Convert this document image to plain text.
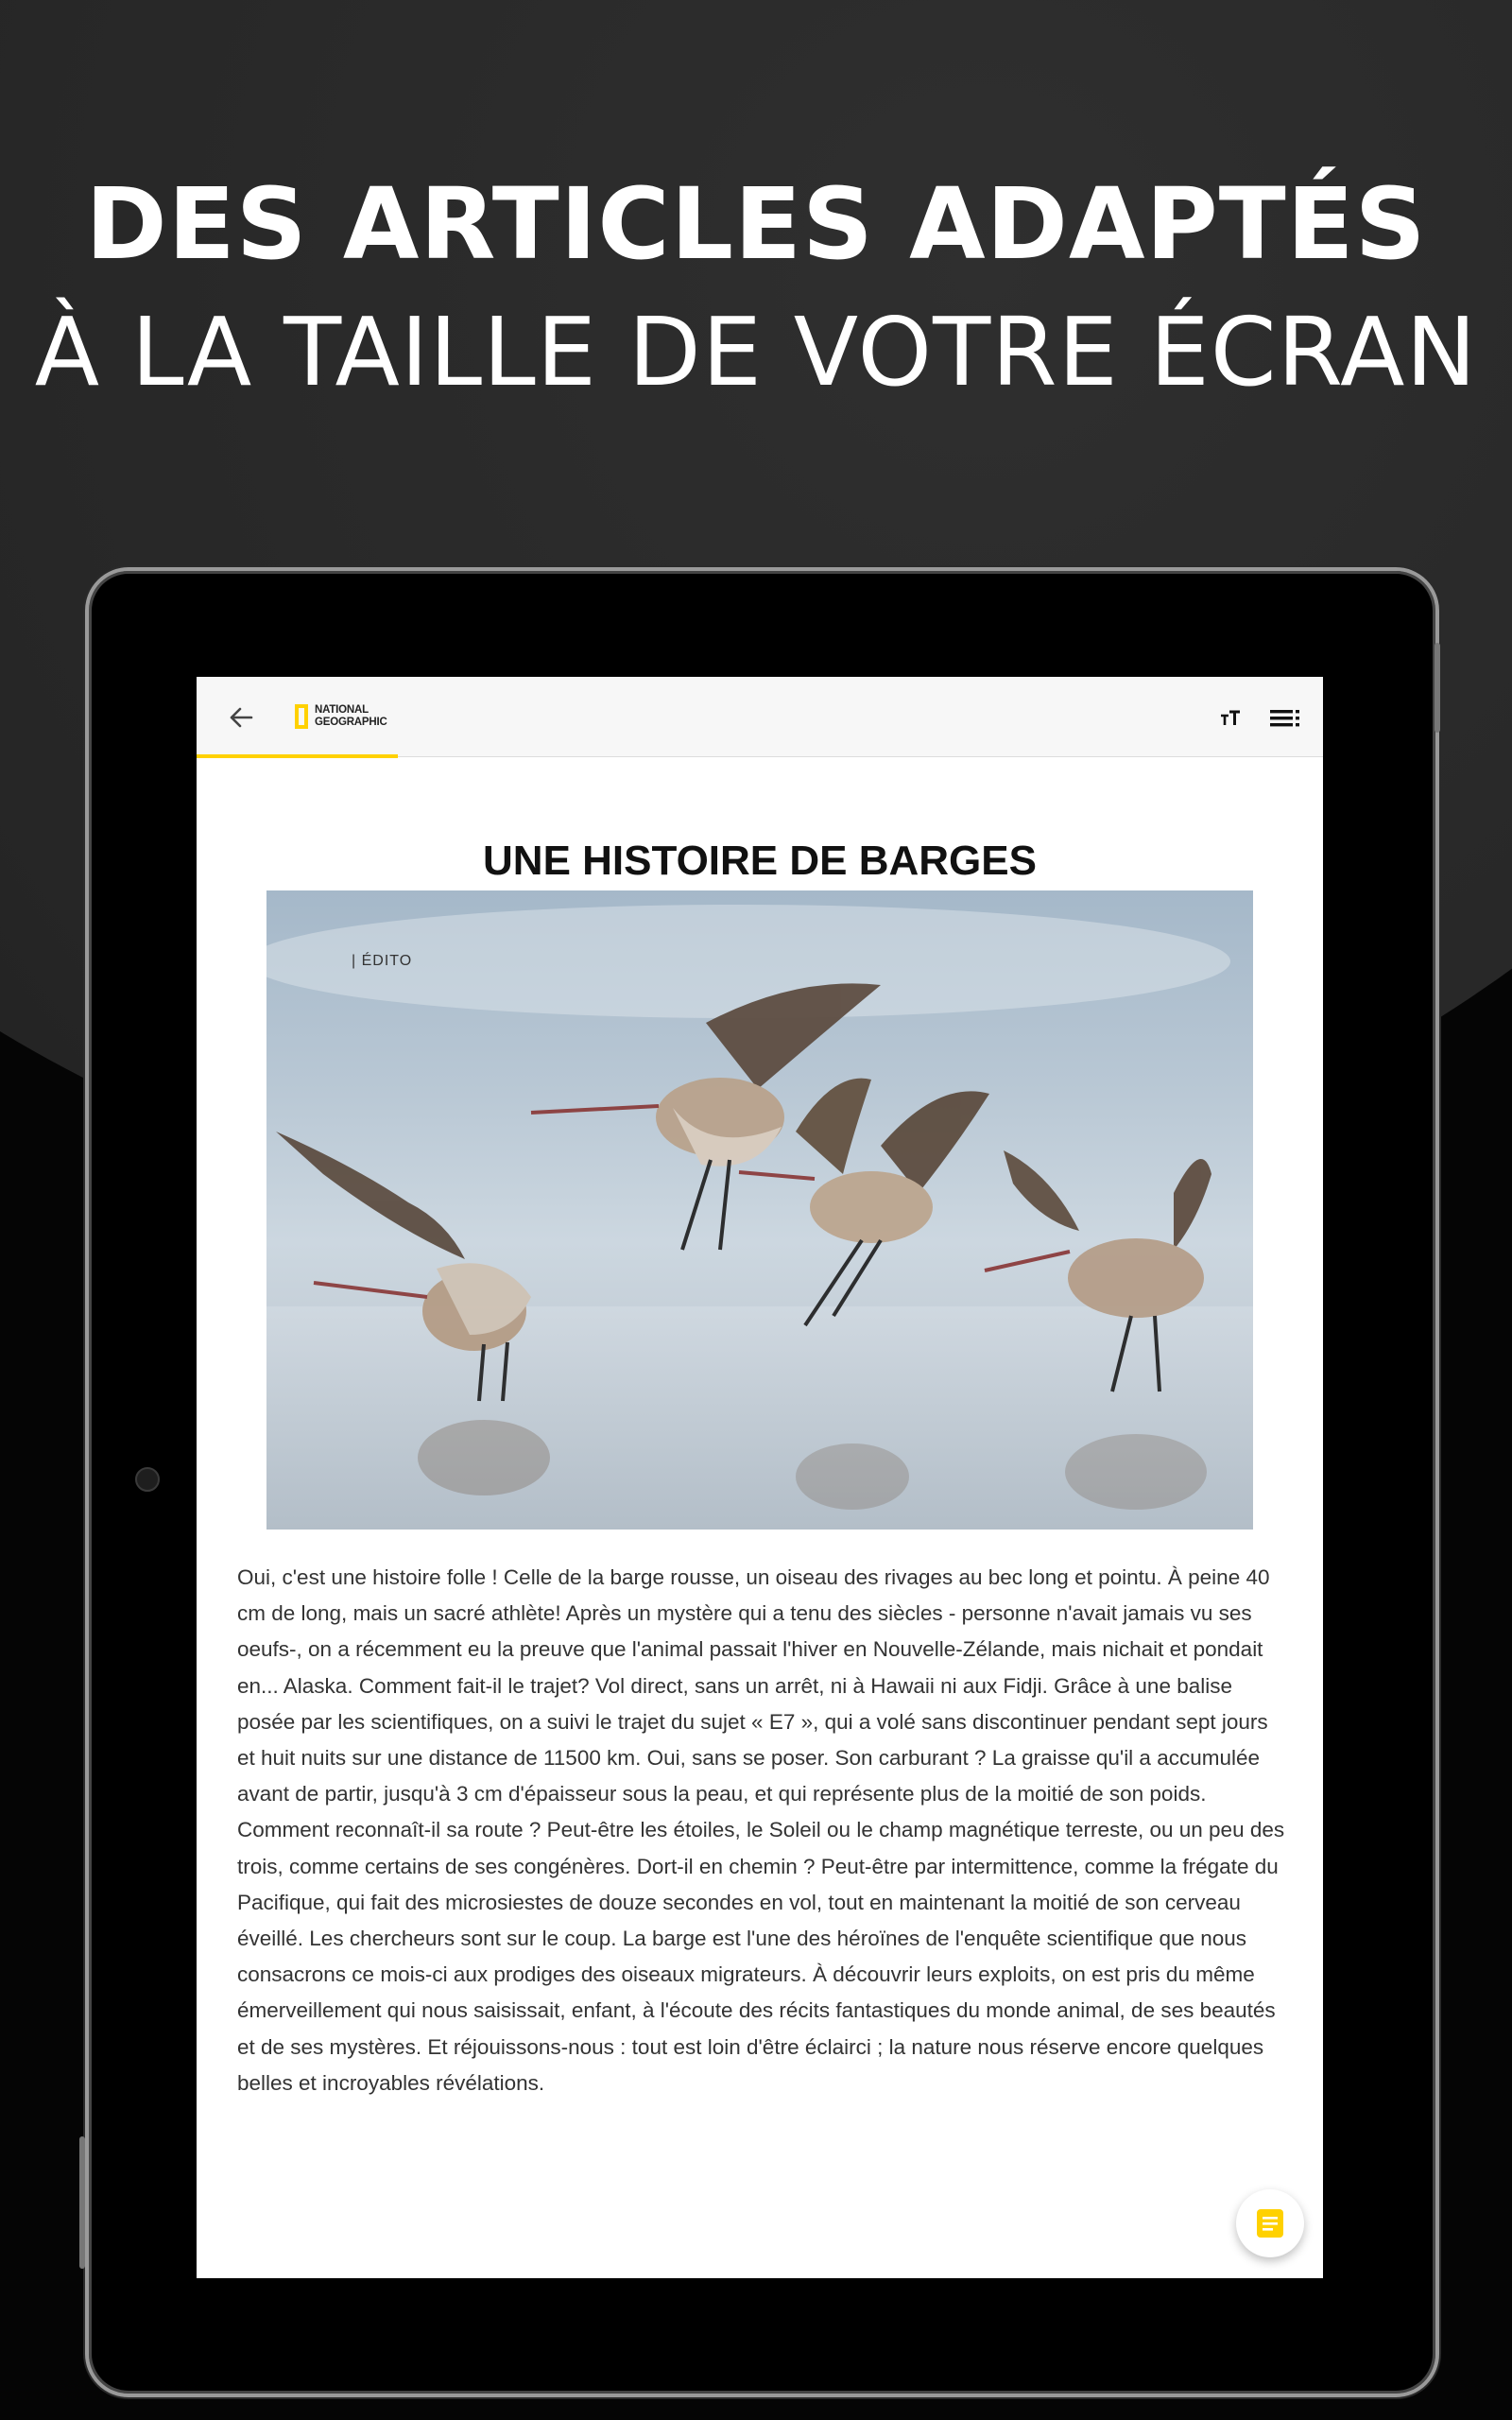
DES ARTICLES ADAPTÉS
À LA TAILLE DE VOTRE ÉCRAN
NATIONAL
GEOGRAPHIC
UNE HISTOIRE DE BARGES
| ÉDITO
Oui, c'est une histoire folle ! Celle de la barge rousse, un oiseau des rivages au bec long et pointu. À peine 40 cm de long, mais un sacré athlète! Après un mystère qui a tenu des siècles - personne n'avait jamais vu ses oeufs-, on a récemment eu la preuve que l'animal passait l'hiver en Nouvelle-Zélande, mais nichait et pondait en... Alaska. Comment fait-il le trajet? Vol direct, sans un arrêt, ni à Hawaii ni aux Fidji. Grâce à une balise posée par les scientifiques, on a suivi le trajet du sujet « E7 », qui a volé sans discontinuer pendant sept jours et huit nuits sur une distance de 11500 km. Oui, sans se poser. Son carburant ? La graisse qu'il a accumulée avant de partir, jusqu'à 3 cm d'épaisseur sous la peau, et qui représente plus de la moitié de son poids. Comment reconnaît-il sa route ? Peut-être les étoiles, le Soleil ou le champ magnétique terreste, ou un peu des trois, comme certains de ses congénères. Dort-il en chemin ? Peut-être par intermittence, comme la frégate du Pacifique, qui fait des microsiestes de douze secondes en vol, tout en maintenant la moitié de son cerveau éveillé. Les chercheurs sont sur le coup. La barge est l'une des héroïnes de l'enquête scientifique que nous consacrons ce mois-ci aux prodiges des oiseaux migrateurs. À découvrir leurs exploits, on est pris du même émerveillement qui nous saisissait, enfant, à l'écoute des récits fantastiques du monde animal, de ses beautés et de ses mystères. Et réjouissons-nous : tout est loin d'être éclairci ; la nature nous réserve encore quelques belles et incroyables révélations.
